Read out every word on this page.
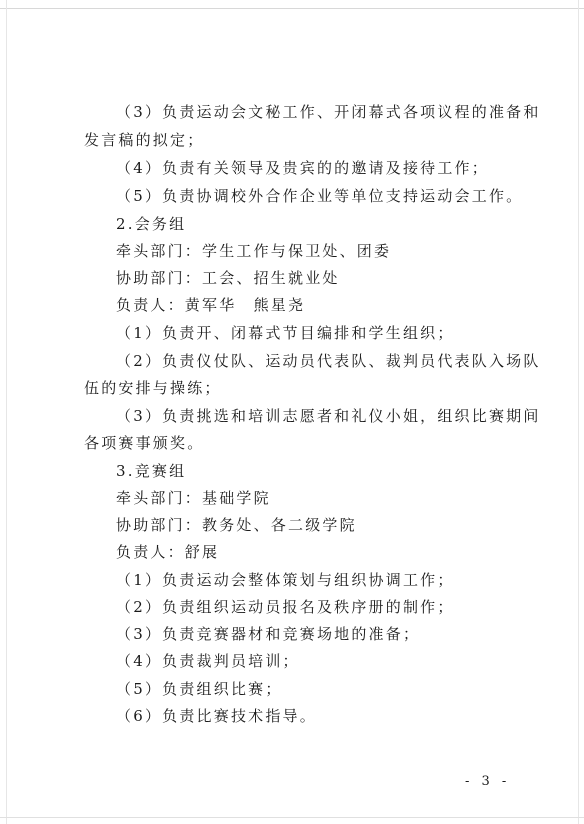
（3）负责运动会文秘工作、开闭幕式各项议程的准备和
发言稿的拟定；
（4）负责有关领导及贵宾的的邀请及接待工作；
（5）负责协调校外合作企业等单位支持运动会工作。
2.会务组
牵头部门：学生工作与保卫处、团委
协助部门：工会、招生就业处
负责人：黄军华　熊星尧
（1）负责开、闭幕式节目编排和学生组织；
（2）负责仪仗队、运动员代表队、裁判员代表队入场队
伍的安排与操练；
（3）负责挑选和培训志愿者和礼仪小姐，组织比赛期间
各项赛事颁奖。
3.竞赛组
牵头部门：基础学院
协助部门：教务处、各二级学院
负责人：舒展
（1）负责运动会整体策划与组织协调工作；
（2）负责组织运动员报名及秩序册的制作；
（3）负责竞赛器材和竞赛场地的准备；
（4）负责裁判员培训；
（5）负责组织比赛；
（6）负责比赛技术指导。
- 3 -
